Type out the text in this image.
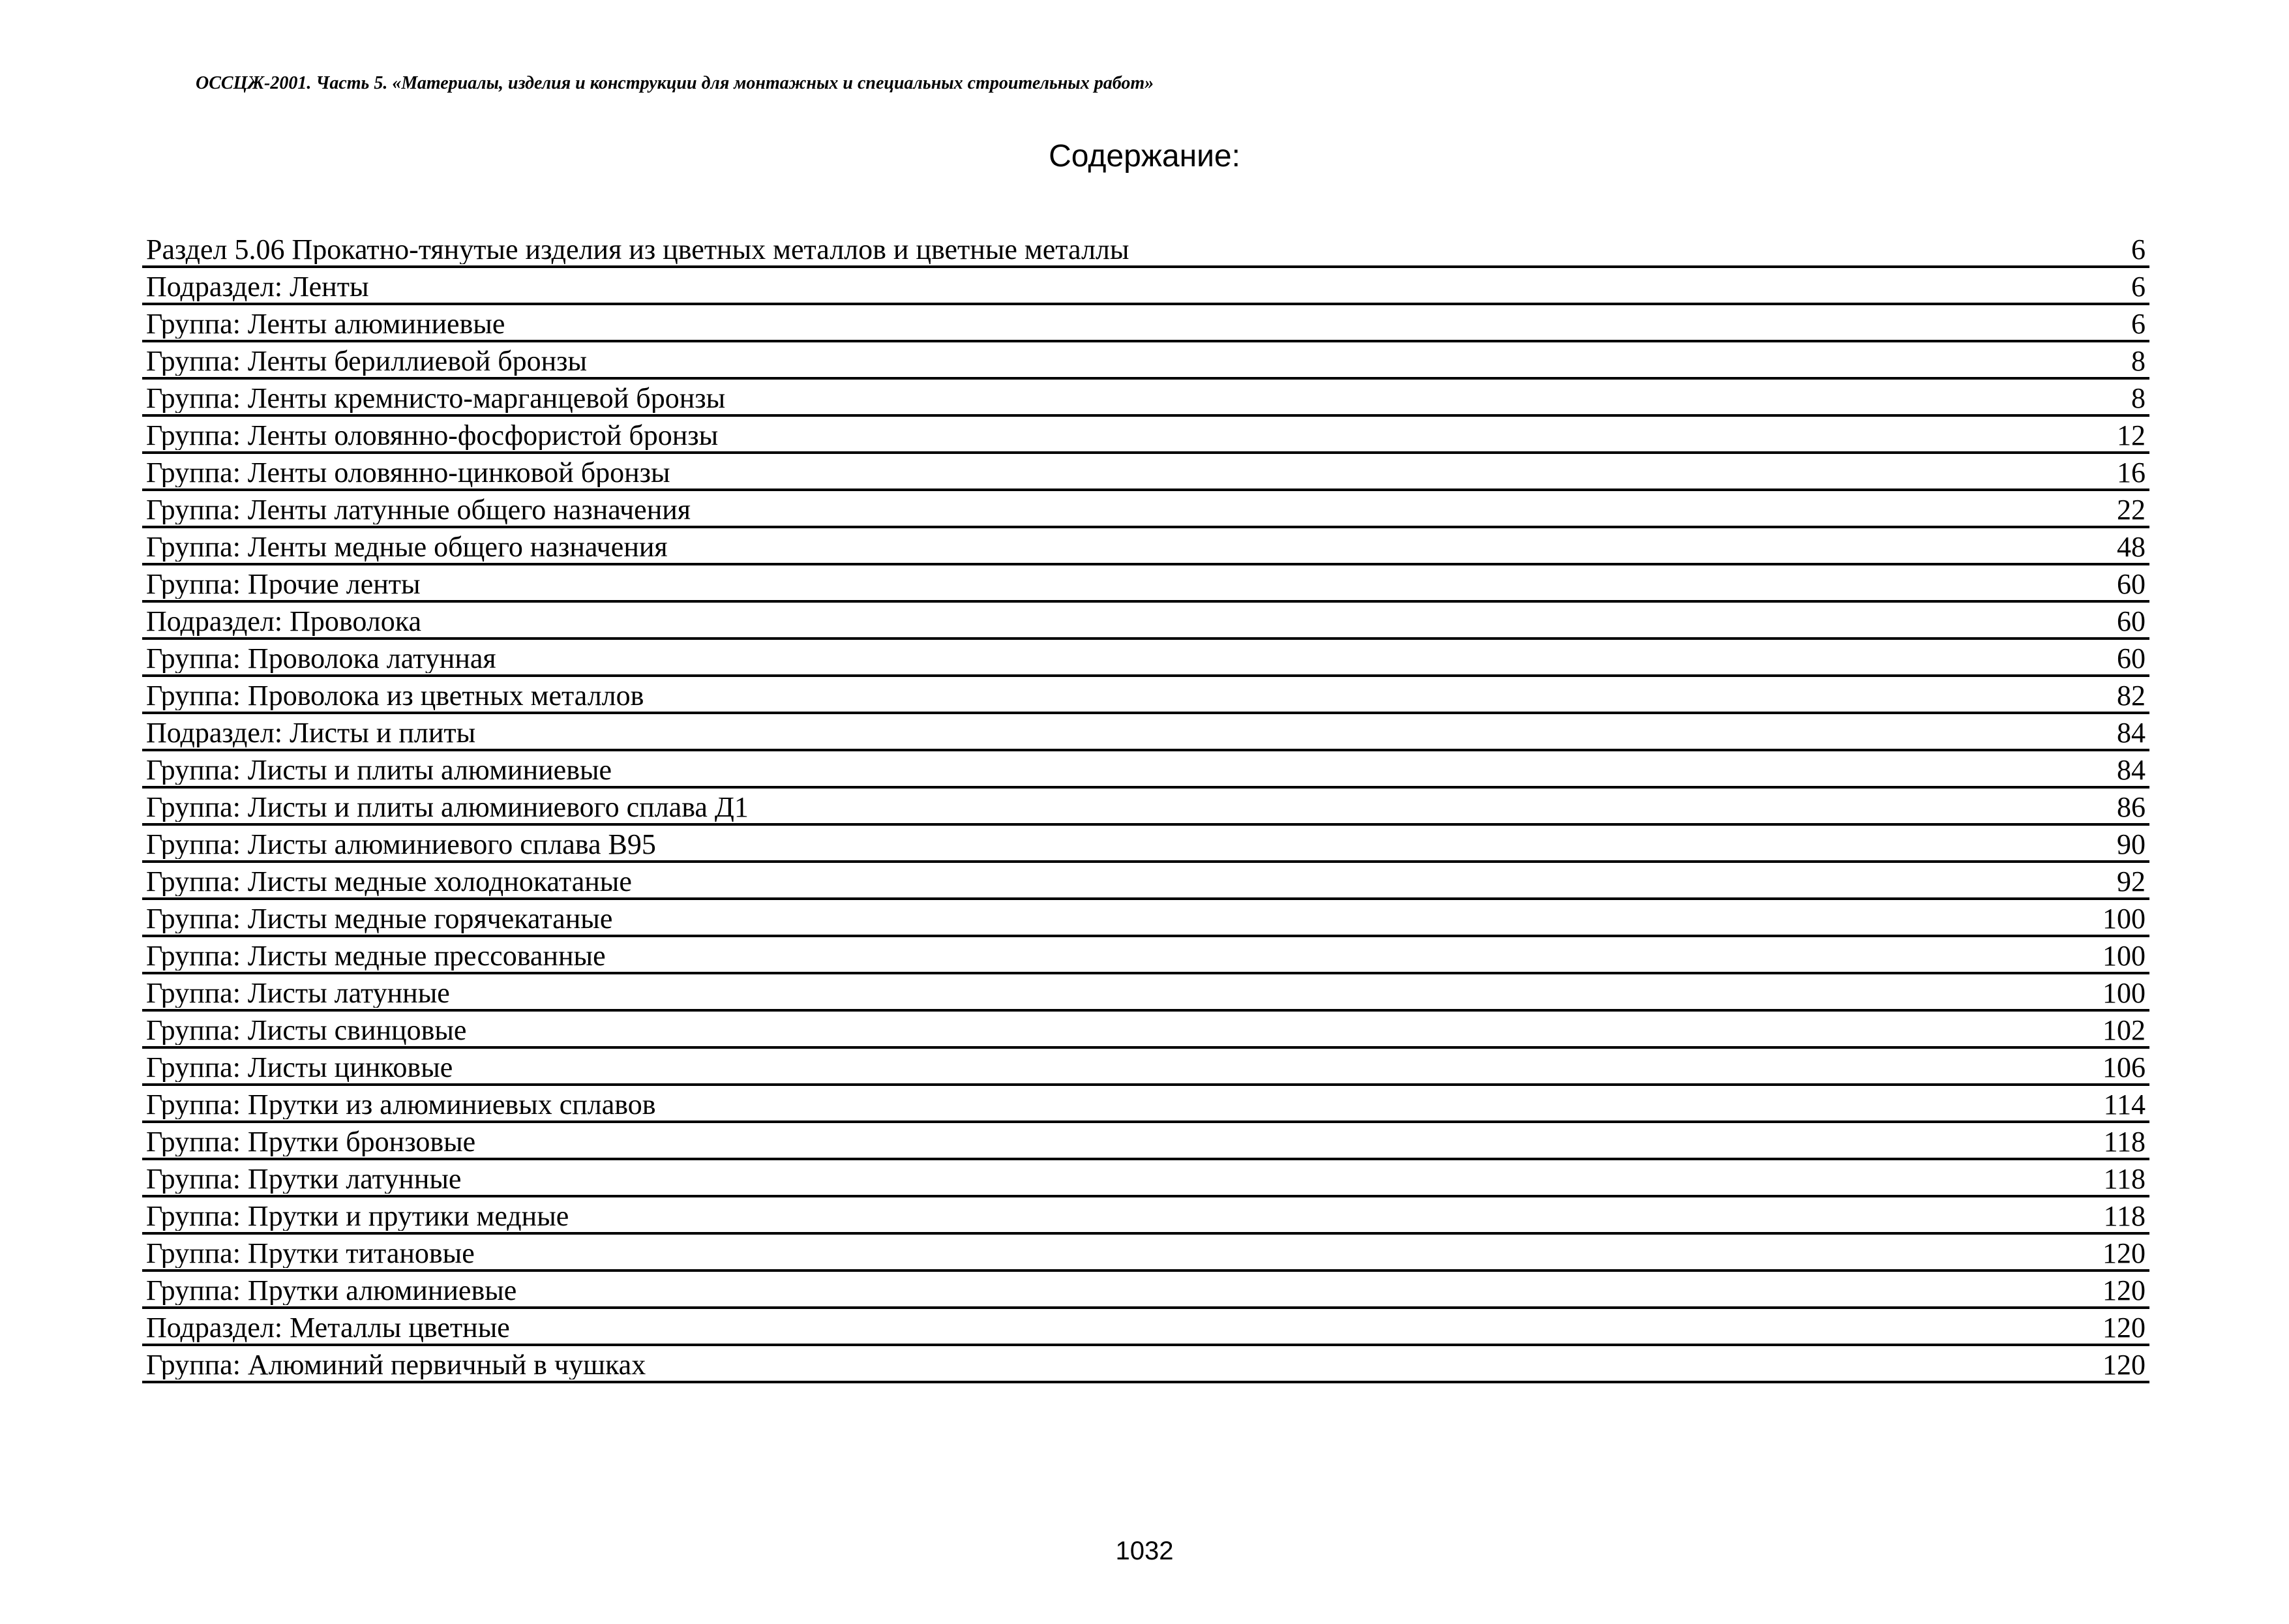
ОССЦЖ-2001. Часть 5. «Материалы, изделия и конструкции для монтажных и специальных строительных работ»
Содержание:
Раздел 5.06 Прокатно-тянутые изделия из цветных металлов и цветные металлы	6
Подраздел: Ленты	6
Группа: Ленты алюминиевые	6
Группа: Ленты бериллиевой бронзы	8
Группа: Ленты кремнисто-марганцевой бронзы	8
Группа: Ленты оловянно-фосфористой бронзы	12
Группа: Ленты оловянно-цинковой бронзы	16
Группа: Ленты латунные общего назначения	22
Группа: Ленты медные общего назначения	48
Группа: Прочие ленты	60
Подраздел: Проволока	60
Группа: Проволока латунная	60
Группа: Проволока из цветных металлов	82
Подраздел: Листы и плиты	84
Группа: Листы и плиты алюминиевые	84
Группа: Листы и плиты алюминиевого сплава Д1	86
Группа: Листы алюминиевого сплава В95	90
Группа: Листы медные холоднокатаные	92
Группа: Листы медные горячекатаные	100
Группа: Листы медные прессованные	100
Группа: Листы латунные	100
Группа: Листы свинцовые	102
Группа: Листы цинковые	106
Группа: Прутки из алюминиевых сплавов	114
Группа: Прутки бронзовые	118
Группа: Прутки латунные	118
Группа: Прутки и прутики медные	118
Группа: Прутки титановые	120
Группа: Прутки алюминиевые	120
Подраздел: Металлы цветные	120
Группа: Алюминий первичный в чушках	120
1032
